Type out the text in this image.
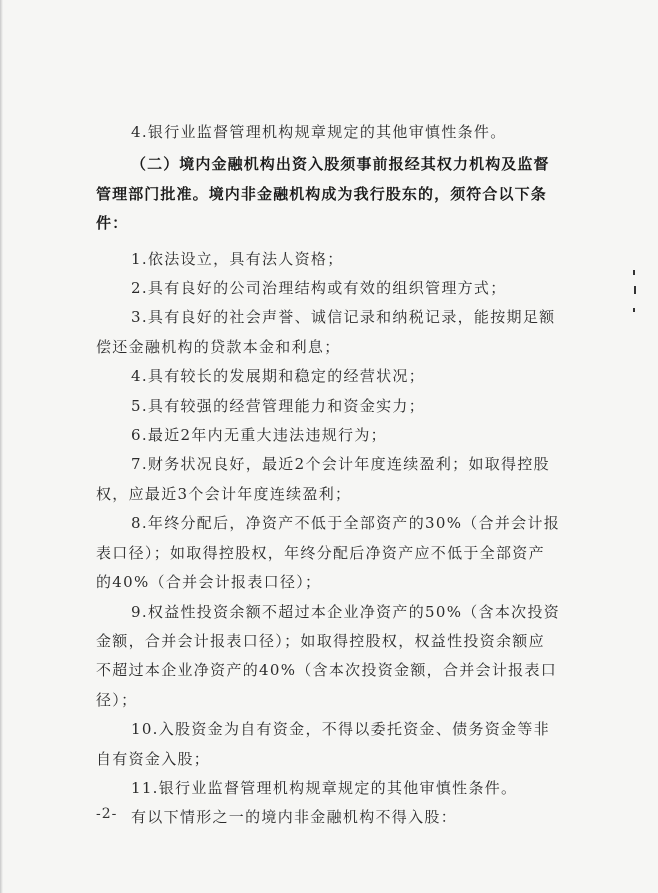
4.银行业监督管理机构规章规定的其他审慎性条件。

（二）境内金融机构出资入股须事前报经其权力机构及监督

管理部门批准。境内非金融机构成为我行股东的，须符合以下条

件：

1.依法设立，具有法人资格；

2.具有良好的公司治理结构或有效的组织管理方式；

3.具有良好的社会声誉、诚信记录和纳税记录，能按期足额

偿还金融机构的贷款本金和利息；

4.具有较长的发展期和稳定的经营状况；

5.具有较强的经营管理能力和资金实力；

6.最近2年内无重大违法违规行为；

7.财务状况良好，最近2个会计年度连续盈利；如取得控股

权，应最近3个会计年度连续盈利；

8.年终分配后，净资产不低于全部资产的30%（合并会计报

表口径）；如取得控股权，年终分配后净资产应不低于全部资产

的40%（合并会计报表口径）；

9.权益性投资余额不超过本企业净资产的50%（含本次投资

金额，合并会计报表口径）；如取得控股权，权益性投资余额应

不超过本企业净资产的40%（含本次投资金额，合并会计报表口

径）；

10.入股资金为自有资金，不得以委托资金、债务资金等非

自有资金入股；

11.银行业监督管理机构规章规定的其他审慎性条件。

有以下情形之一的境内非金融机构不得入股：

-2-
